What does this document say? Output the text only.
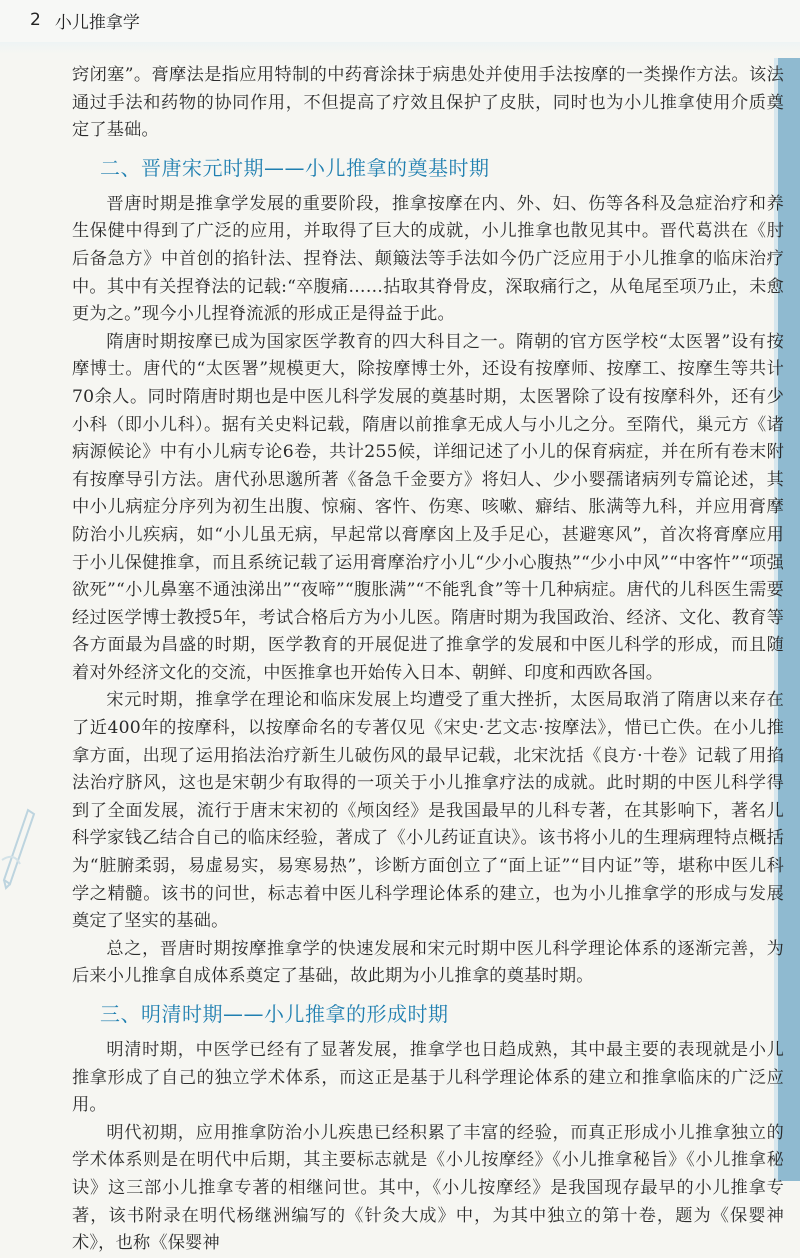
2 小儿推拿学

窍闭塞”。膏摩法是指应用特制的中药膏涂抹于病患处并使用手法按摩的一类操作方法。该法通过手法和药物的协同作用，不但提高了疗效且保护了皮肤，同时也为小儿推拿使用介质奠定了基础。

二、晋唐宋元时期——小儿推拿的奠基时期

晋唐时期是推拿学发展的重要阶段，推拿按摩在内、外、妇、伤等各科及急症治疗和养生保健中得到了广泛的应用，并取得了巨大的成就，小儿推拿也散见其中。晋代葛洪在《肘后备急方》中首创的掐针法、捏脊法、颠簸法等手法如今仍广泛应用于小儿推拿的临床治疗中。其中有关捏脊法的记载:“卒腹痛……拈取其脊骨皮，深取痛行之，从龟尾至项乃止，未愈更为之。”现今小儿捏脊流派的形成正是得益于此。

隋唐时期按摩已成为国家医学教育的四大科目之一。隋朝的官方医学校“太医署”设有按摩博士。唐代的“太医署”规模更大，除按摩博士外，还设有按摩师、按摩工、按摩生等共计70余人。同时隋唐时期也是中医儿科学发展的奠基时期，太医署除了设有按摩科外，还有少小科（即小儿科）。据有关史料记载，隋唐以前推拿无成人与小儿之分。至隋代，巢元方《诸病源候论》中有小儿病专论6卷，共计255候，详细记述了小儿的保育病症，并在所有卷末附有按摩导引方法。唐代孙思邈所著《备急千金要方》将妇人、少小婴孺诸病列专篇论述，其中小儿病症分序列为初生出腹、惊痫、客忤、伤寒、咳嗽、癖结、胀满等九科，并应用膏摩防治小儿疾病，如“小儿虽无病，早起常以膏摩囟上及手足心，甚避寒风”，首次将膏摩应用于小儿保健推拿，而且系统记载了运用膏摩治疗小儿“少小心腹热”“少小中风”“中客忤”“项强欲死”“小儿鼻塞不通浊涕出”“夜啼”“腹胀满”“不能乳食”等十几种病症。唐代的儿科医生需要经过医学博士教授5年，考试合格后方为小儿医。隋唐时期为我国政治、经济、文化、教育等各方面最为昌盛的时期，医学教育的开展促进了推拿学的发展和中医儿科学的形成，而且随着对外经济文化的交流，中医推拿也开始传入日本、朝鲜、印度和西欧各国。

宋元时期，推拿学在理论和临床发展上均遭受了重大挫折，太医局取消了隋唐以来存在了近400年的按摩科，以按摩命名的专著仅见《宋史·艺文志·按摩法》，惜已亡佚。在小儿推拿方面，出现了运用掐法治疗新生儿破伤风的最早记载，北宋沈括《良方·十卷》记载了用掐法治疗脐风，这也是宋朝少有取得的一项关于小儿推拿疗法的成就。此时期的中医儿科学得到了全面发展，流行于唐末宋初的《颅囟经》是我国最早的儿科专著，在其影响下，著名儿科学家钱乙结合自己的临床经验，著成了《小儿药证直诀》。该书将小儿的生理病理特点概括为“脏腑柔弱，易虚易实，易寒易热”，诊断方面创立了“面上证”“目内证”等，堪称中医儿科学之精髓。该书的问世，标志着中医儿科学理论体系的建立，也为小儿推拿学的形成与发展奠定了坚实的基础。

总之，晋唐时期按摩推拿学的快速发展和宋元时期中医儿科学理论体系的逐渐完善，为后来小儿推拿自成体系奠定了基础，故此期为小儿推拿的奠基时期。

三、明清时期——小儿推拿的形成时期

明清时期，中医学已经有了显著发展，推拿学也日趋成熟，其中最主要的表现就是小儿推拿形成了自己的独立学术体系，而这正是基于儿科学理论体系的建立和推拿临床的广泛应用。

明代初期，应用推拿防治小儿疾患已经积累了丰富的经验，而真正形成小儿推拿独立的学术体系则是在明代中后期，其主要标志就是《小儿按摩经》《小儿推拿秘旨》《小儿推拿秘诀》这三部小儿推拿专著的相继问世。其中，《小儿按摩经》是我国现存最早的小儿推拿专著，该书附录在明代杨继洲编写的《针灸大成》中，为其中独立的第十卷，题为《保婴神术》，也称《保婴神
